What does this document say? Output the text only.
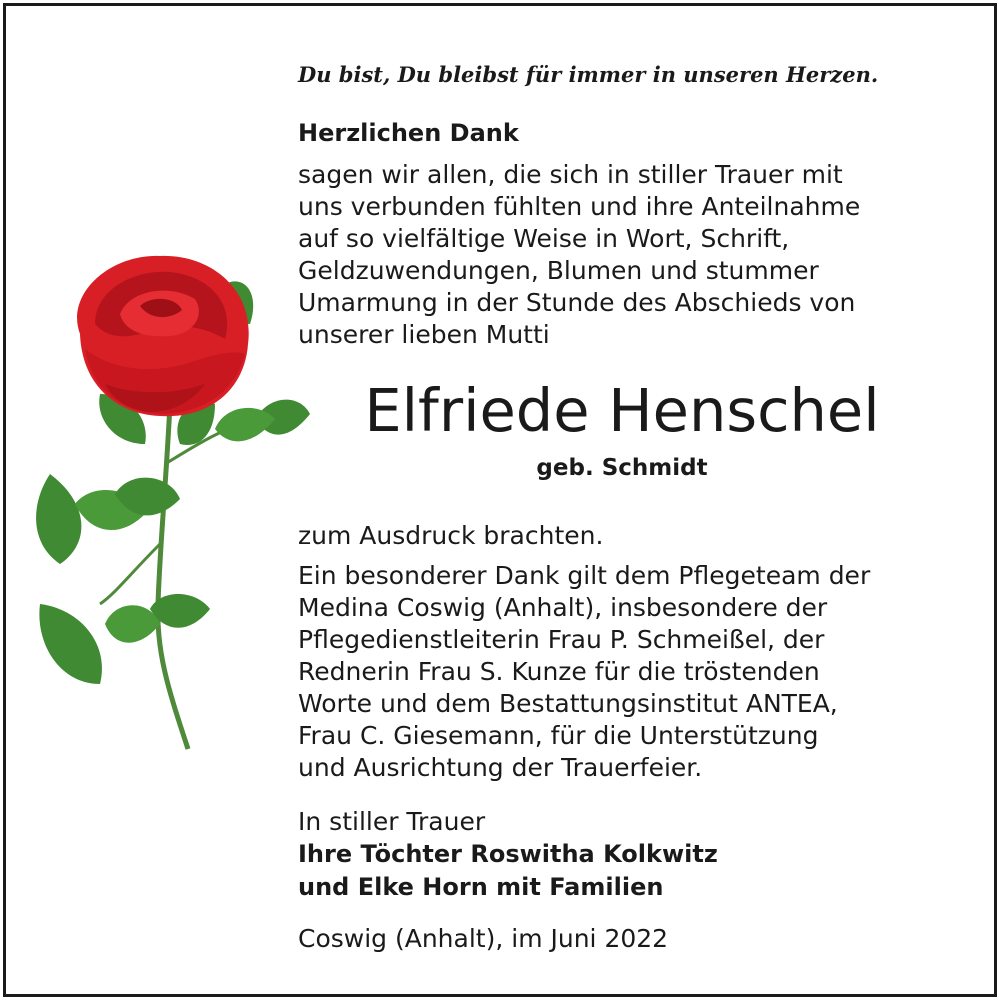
Du bist, Du bleibst für immer in unseren Herzen.
Herzlichen Dank
sagen wir allen, die sich in stiller Trauer mit
uns verbunden fühlten und ihre Anteilnahme
auf so vielfältige Weise in Wort, Schrift,
Geldzuwendungen, Blumen und stummer
Umarmung in der Stunde des Abschieds von
unserer lieben Mutti
Elfriede Henschel
geb. Schmidt
zum Ausdruck brachten.
Ein besonderer Dank gilt dem Pflegeteam der
Medina Coswig (Anhalt), insbesondere der
Pflegedienstleiterin Frau P. Schmeißel, der
Rednerin Frau S. Kunze für die tröstenden
Worte und dem Bestattungsinstitut ANTEA,
Frau C. Giesemann, für die Unterstützung
und Ausrichtung der Trauerfeier.
In stiller Trauer
Ihre Töchter Roswitha Kolkwitz
und Elke Horn mit Familien
Coswig (Anhalt), im Juni 2022
